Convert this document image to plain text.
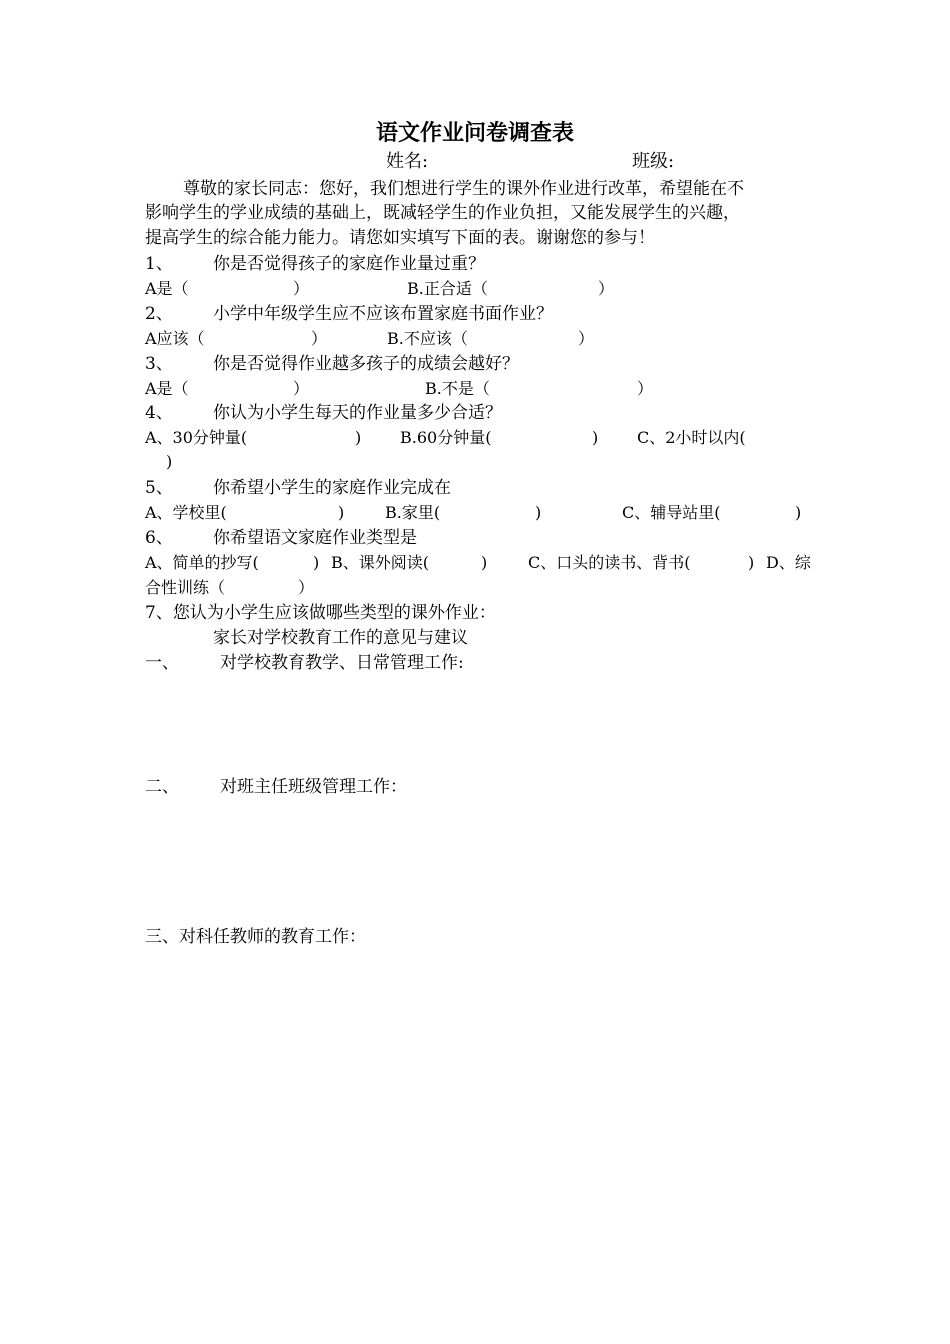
语文作业问卷调查表
姓名:	班级:
尊敬的家长同志：您好，我们想进行学生的课外作业进行改革，希望能在不
影响学生的学业成绩的基础上，既减轻学生的作业负担，又能发展学生的兴趣，
提高学生的综合能力能力。请您如实填写下面的表。谢谢您的参与！
1、 你是否觉得孩子的家庭作业量过重？
A是（	）	B.正合适（	）
2、 小学中年级学生应不应该布置家庭书面作业？
A应该（	）	B.不应该（	）
3、 你是否觉得作业越多孩子的成绩会越好？
A是（	）	B.不是（	）
4、 你认为小学生每天的作业量多少合适？
A、30分钟量(	) B.60分钟量(	) C、2小时以内(
)
5、 你希望小学生的家庭作业完成在
A、学校里(	)	B.家里(	)	C、辅导站里(	)
6、 你希望语文家庭作业类型是
A、简单的抄写(	) B、课外阅读(	)	C、口头的读书、背书(	) D、综
合性训练（	）
7、您认为小学生应该做哪些类型的课外作业：
家长对学校教育工作的意见与建议
一、 对学校教育教学、日常管理工作:
二、 对班主任班级管理工作：
三、对科任教师的教育工作：
